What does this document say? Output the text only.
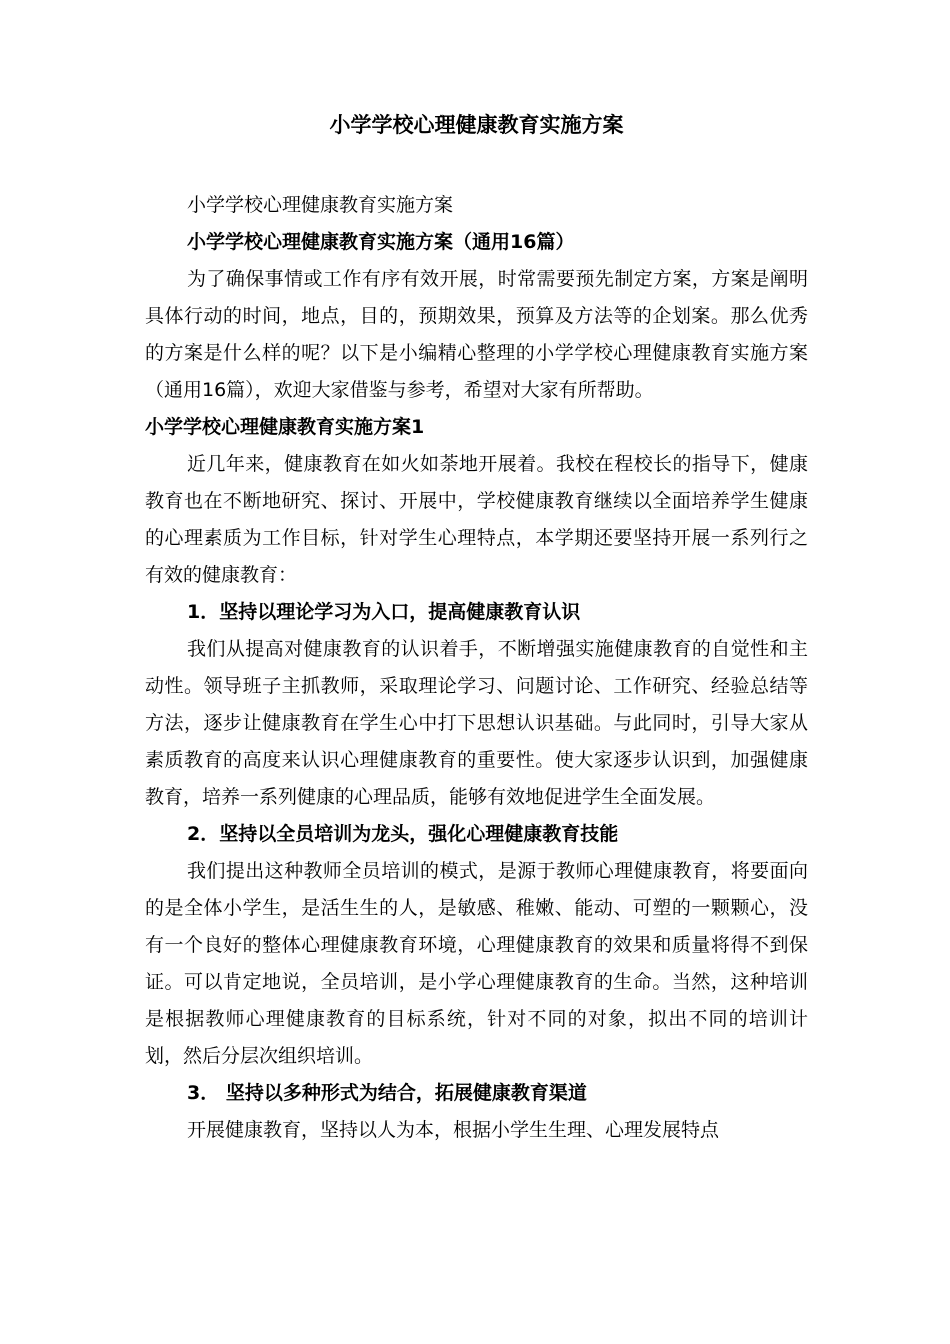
小学学校心理健康教育实施方案

小学学校心理健康教育实施方案

小学学校心理健康教育实施方案（通用16篇）

为了确保事情或工作有序有效开展，时常需要预先制定方案，方案是阐明具体行动的时间，地点，目的，预期效果，预算及方法等的企划案。那么优秀的方案是什么样的呢？以下是小编精心整理的小学学校心理健康教育实施方案（通用16篇），欢迎大家借鉴与参考，希望对大家有所帮助。

小学学校心理健康教育实施方案1

近几年来，健康教育在如火如荼地开展着。我校在程校长的指导下，健康教育也在不断地研究、探讨、开展中，学校健康教育继续以全面培养学生健康的心理素质为工作目标，针对学生心理特点，本学期还要坚持开展一系列行之有效的健康教育：

1．坚持以理论学习为入口，提高健康教育认识

我们从提高对健康教育的认识着手，不断增强实施健康教育的自觉性和主动性。领导班子主抓教师，采取理论学习、问题讨论、工作研究、经验总结等方法，逐步让健康教育在学生心中打下思想认识基础。与此同时，引导大家从素质教育的高度来认识心理健康教育的重要性。使大家逐步认识到，加强健康教育，培养一系列健康的心理品质，能够有效地促进学生全面发展。

2．坚持以全员培训为龙头，强化心理健康教育技能

我们提出这种教师全员培训的模式，是源于教师心理健康教育，将要面向的是全体小学生，是活生生的人，是敏感、稚嫩、能动、可塑的一颗颗心，没有一个良好的整体心理健康教育环境，心理健康教育的效果和质量将得不到保证。可以肯定地说，全员培训，是小学心理健康教育的生命。当然，这种培训是根据教师心理健康教育的目标系统，针对不同的对象，拟出不同的培训计划，然后分层次组织培训。

3． 坚持以多种形式为结合，拓展健康教育渠道

开展健康教育，坚持以人为本，根据小学生生理、心理发展特点
